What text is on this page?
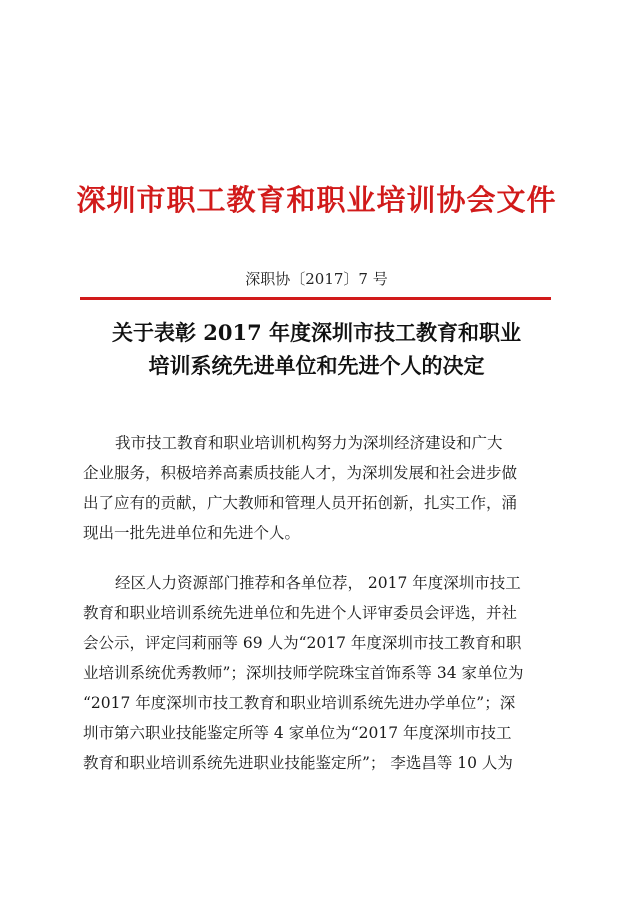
深圳市职工教育和职业培训协会文件
深职协〔2017〕7 号
关于表彰 2017 年度深圳市技工教育和职业
培训系统先进单位和先进个人的决定
我市技工教育和职业培训机构努力为深圳经济建设和广大
企业服务，积极培养高素质技能人才，为深圳发展和社会进步做
出了应有的贡献，广大教师和管理人员开拓创新，扎实工作，涌
现出一批先进单位和先进个人。
经区人力资源部门推荐和各单位荐， 2017 年度深圳市技工
教育和职业培训系统先进单位和先进个人评审委员会评选，并社
会公示，评定闫莉丽等 69 人为“2017 年度深圳市技工教育和职
业培训系统优秀教师”；深圳技师学院珠宝首饰系等 34 家单位为
“2017 年度深圳市技工教育和职业培训系统先进办学单位”；深
圳市第六职业技能鉴定所等 4 家单位为“2017 年度深圳市技工
教育和职业培训系统先进职业技能鉴定所”； 李选昌等 10 人为
